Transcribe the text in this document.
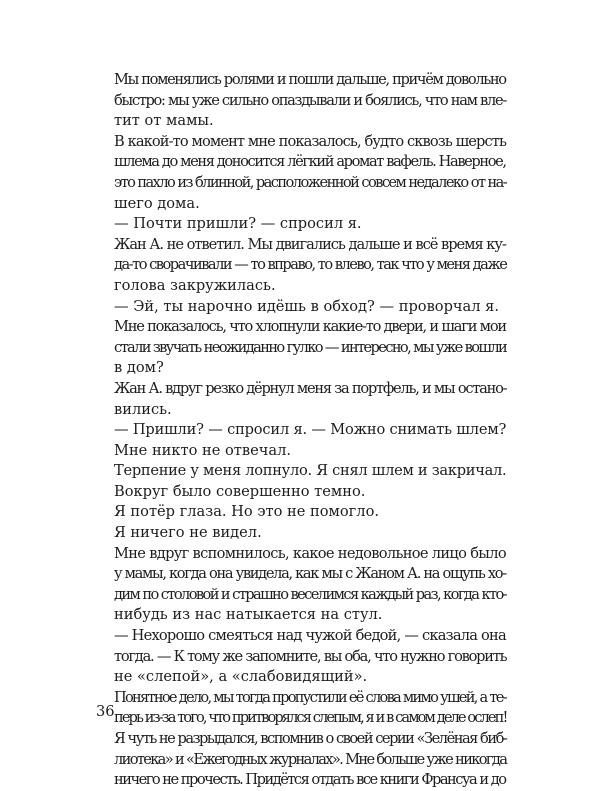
Мы поменялись ролями и пошли дальше, причём довольно
быстро: мы уже сильно опаздывали и боялись, что нам вле-
тит от мамы.

В какой-то момент мне показалось, будто сквозь шерсть
шлема до меня доносится лёгкий аромат вафель. Наверное,
это пахло из блинной, расположенной совсем недалеко от на-
шего дома.

— Почти пришли? — спросил я.

Жан А. не ответил. Мы двигались дальше и всё время ку-
да-то сворачивали — то вправо, то влево, так что у меня даже
голова закружилась.

— Эй, ты нарочно идёшь в обход? — проворчал я.

Мне показалось, что хлопнули какие-то двери, и шаги мои
стали звучать неожиданно гулко — интересно, мы уже вошли
в дом?

Жан А. вдруг резко дёрнул меня за портфель, и мы остано-
вились.

— Пришли? — спросил я. — Можно снимать шлем?

Мне никто не отвечал.

Терпение у меня лопнуло. Я снял шлем и закричал.

Вокруг было совершенно темно.

Я потёр глаза. Но это не помогло.

Я ничего не видел.

Мне вдруг вспомнилось, какое недовольное лицо было
у мамы, когда она увидела, как мы с Жаном А. на ощупь хо-
дим по столовой и страшно веселимся каждый раз, когда кто-
нибудь из нас натыкается на стул.

— Нехорошо смеяться над чужой бедой, — сказала она
тогда. — К тому же запомните, вы оба, что нужно говорить
не «слепой», а «слабовидящий».

Понятное дело, мы тогда пропустили её слова мимо ушей, а те-
перь из-за того, что притворялся слепым, я и в самом деле ослеп!

Я чуть не разрыдался, вспомнив о своей серии «Зелёная биб-
лиотека» и «Ежегодных журналах». Мне больше уже никогда
ничего не прочесть. Придётся отдать все книги Франсуа и до

36
